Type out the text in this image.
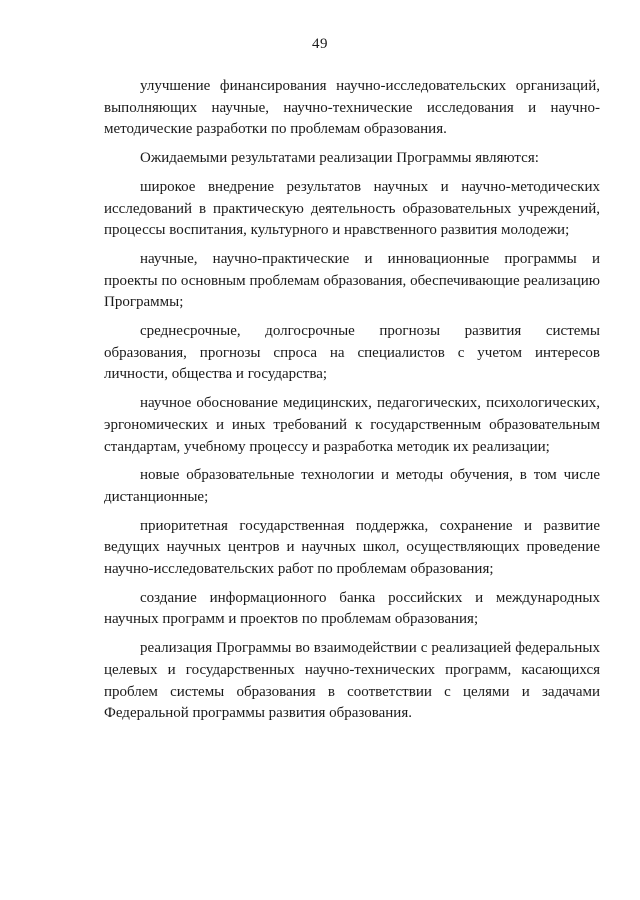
49

улучшение финансирования научно-исследовательских организаций, выполняющих научные, научно-технические исследования и научно-методические разработки по проблемам образования.

Ожидаемыми результатами реализации Программы являются:

широкое внедрение результатов научных и научно-методических исследований в практическую деятельность образовательных учреждений, процессы воспитания, культурного и нравственного развития молодежи;

научные, научно-практические и инновационные программы и проекты по основным проблемам образования, обеспечивающие реализацию Программы;

среднесрочные, долгосрочные прогнозы развития системы образования, прогнозы спроса на специалистов с учетом интересов личности, общества и государства;

научное обоснование медицинских, педагогических, психологических, эргономических и иных требований к государственным образовательным стандартам, учебному процессу и разработка методик их реализации;

новые образовательные технологии и методы обучения, в том числе дистанционные;

приоритетная государственная поддержка, сохранение и развитие ведущих научных центров и научных школ, осуществляющих проведение научно-исследовательских работ по проблемам образования;

создание информационного банка российских и международных научных программ и проектов по проблемам образования;

реализация Программы во взаимодействии с реализацией федеральных целевых и государственных научно-технических программ, касающихся проблем системы образования в соответствии с целями и задачами Федеральной программы развития образования.
